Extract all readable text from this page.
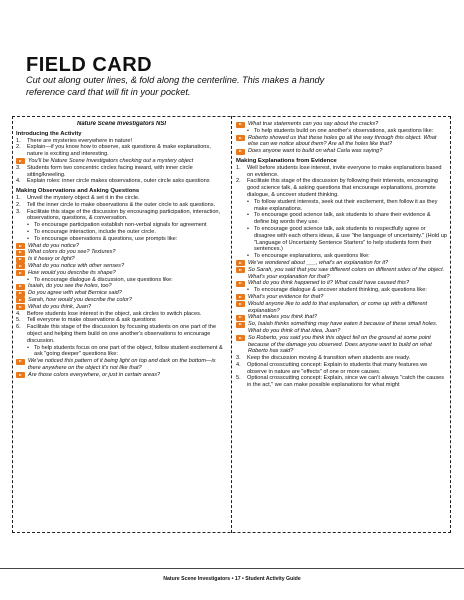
FIELD CARD
Cut out along outer lines, & fold along the centerline. This makes a handy reference card that will fit in your pocket.
Nature Scene Investigators NSI
Introducing the Activity
1.	There are mysteries everywhere in nature!
2.	Explain—if you know how to observe, ask questions & make explanations, nature is exciting and interesting.
You'll be Nature Scene Investigators checking out a mystery object
3.	Students form two concentric circles facing inward, with inner circle sitting/kneeling.
4.	Explain roles: inner circle makes observations, outer circle asks questions
Making Observations and Asking Questions
1.	Unveil the mystery object & set it in the circle.
2.	Tell the inner circle to make observations & the outer circle to ask questions.
3.	Facilitate this stage of the discussion by encouraging participation, interaction, observations, questions, & conversation.
• To encourage participation establish non-verbal signals for agreement
• To encourage interaction, include the outer circle.
• To encourage observations & questions, use prompts like:
What do you notice?
What colors do you see? Textures?
Is it heavy or light?
What do you notice with other senses?
How would you describe its shape?
• To encourage dialogue & discussion, use questions like:
Isaiah, do you see the holes, too?
Do you agree with what Bernice said?
Sarah, how would you describe the color?
What do you think, Juan?
4.	Before students lose interest in the object, ask circles to switch places.
5.	Tell everyone to make observations & ask questions
6.	Facilitate this stage of the discussion by focusing students on one part of the object and helping them build on one another's observations to encourage discussion.
• To help students focus on one part of the object, follow student excitement & ask "going deeper" questions like:
We've noticed this pattern of it being light on top and dark on the bottom—is there anywhere on the object it's not like that?
Are those colors everywhere, or just in certain areas?
What true statements can you say about the cracks?
• To help students build on one another's observations, ask questions like:
Roberto showed us that these holes go all the way through this object. What else can we notice about them? Are all the holes like that?
Does anyone want to build on what Carla was saying?
Making Explanations from Evidence
1.	Well before students lose interest, invite everyone to make explanations based on evidence.
2.	Facilitate this stage of the discussion by following their interests, encouraging good science talk, & asking questions that encourage explanations, promote dialogue, & uncover student thinking.
• To follow student interests, seek out their excitement, then follow it as they make explanations.
• To encourage good science talk, ask students to share their evidence & define big words they use.
• To encourage good science talk, ask students to respectfully agree or disagree with each others ideas, & use "the language of uncertainty." (Hold up "Language of Uncertainty Sentence Starters" to help students form their sentences.)
• To encourage explanations, ask questions like:
We've wondered about ___, what's an explanation for it?
So Sarah, you said that you saw different colors on different sides of the object. What's your explanation for that?
What do you think happened to it? What could have caused this?
• To encourage dialogue & uncover student thinking, ask questions like:
What's your evidence for that?
Would anyone like to add to that explanation, or come up with a different explanation?
What makes you think that?
So, Isaiah thinks something may have eaten it because of these small holes. What do you think of that idea, Juan?
So Roberto, you said you think this object fell on the ground at some point because of the damage you observed. Does anyone want to build on what Roberto has said?
3.	Keep the discussion moving & transition when students are ready.
4.	Optional crosscutting concept: Explain to students that many features we observe in nature are "effects" of one or more causes.
5.	Optional crosscutting concept: Explain, since we can't always "catch the causes in the act," we can make possible explanations for what might
Nature Scene Investigators • 17 • Student Activity Guide
